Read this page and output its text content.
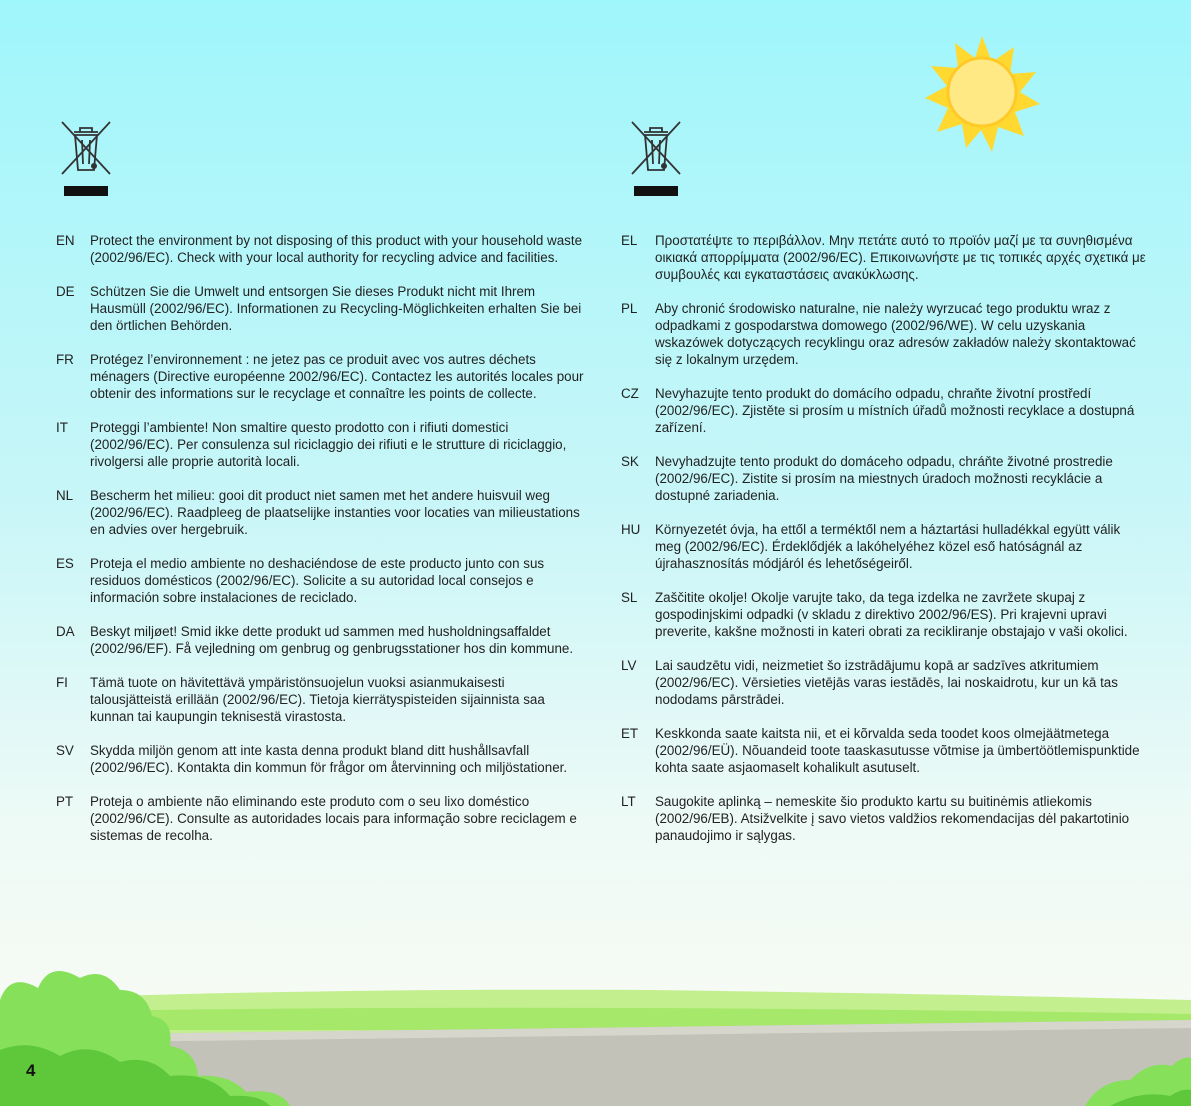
EN	Protect the environment by not disposing of this product with your household waste (2002/96/EC). Check with your local authority for recycling advice and facilities.
DE	Schützen Sie die Umwelt und entsorgen Sie dieses Produkt nicht mit Ihrem Hausmüll (2002/96/EC). Informationen zu Recycling-Möglichkeiten erhalten Sie bei den örtlichen Behörden.
FR	Protégez l’environnement : ne jetez pas ce produit avec vos autres déchets ménagers (Directive européenne 2002/96/EC). Contactez les autorités locales pour obtenir des informations sur le recyclage et connaître les points de collecte.
IT	Proteggi l’ambiente! Non smaltire questo prodotto con i rifiuti domestici (2002/96/EC). Per consulenza sul riciclaggio dei rifiuti e le strutture di riciclaggio, rivolgersi alle proprie autorità locali.
NL	Bescherm het milieu: gooi dit product niet samen met het andere huisvuil weg (2002/96/EC). Raadpleeg de plaatselijke instanties voor locaties van milieustations en advies over hergebruik.
ES	Proteja el medio ambiente no deshaciéndose de este producto junto con sus residuos domésticos (2002/96/EC). Solicite a su autoridad local consejos e información sobre instalaciones de reciclado.
DA	Beskyt miljøet! Smid ikke dette produkt ud sammen med husholdningsaffaldet (2002/96/EF). Få vejledning om genbrug og genbrugsstationer hos din kommune.
FI	Tämä tuote on hävitettävä ympäristönsuojelun vuoksi asianmukaisesti talousjätteistä erillään (2002/96/EC). Tietoja kierrätyspisteiden sijainnista saa kunnan tai kaupungin teknisestä virastosta.
SV	Skydda miljön genom att inte kasta denna produkt bland ditt hushållsavfall (2002/96/EC). Kontakta din kommun för frågor om återvinning och miljöstationer.
PT	Proteja o ambiente não eliminando este produto com o seu lixo doméstico (2002/96/CE). Consulte as autoridades locais para informação sobre reciclagem e sistemas de recolha.
EL	Προστατέψτε το περιβάλλον. Μην πετάτε αυτό το προϊόν μαζί με τα συνηθισμένα οικιακά απορρίμματα (2002/96/EC). Επικοινωνήστε με τις τοπικές αρχές σχετικά με συμβουλές και εγκαταστάσεις ανακύκλωσης.
PL	Aby chronić środowisko naturalne, nie należy wyrzucać tego produktu wraz z odpadkami z gospodarstwa domowego (2002/96/WE). W celu uzyskania wskazówek dotyczących recyklingu oraz adresów zakładów należy skontaktować się z lokalnym urzędem.
CZ	Nevyhazujte tento produkt do domácího odpadu, chraňte životní prostředí (2002/96/EC). Zjistěte si prosím u místních úřadů možnosti recyklace a dostupná zařízení.
SK	Nevyhadzujte tento produkt do domáceho odpadu, chráňte životné prostredie (2002/96/EC). Zistite si prosím na miestnych úradoch možnosti recyklácie a dostupné zariadenia.
HU	Környezetét óvja, ha ettől a terméktől nem a háztartási hulladékkal együtt válik meg (2002/96/EC). Érdeklődjék a lakóhelyéhez közel eső hatóságnál az újrahasznosítás módjáról és lehetőségeiről.
SL	Zaščitite okolje! Okolje varujte tako, da tega izdelka ne zavržete skupaj z gospodinjskimi odpadki (v skladu z direktivo 2002/96/ES). Pri krajevni upravi preverite, kakšne možnosti in kateri obrati za recikliranje obstajajo v vaši okolici.
LV	Lai saudzētu vidi, neizmetiet šo izstrādājumu kopā ar sadzīves atkritumiem (2002/96/EC). Vērsieties vietējās varas iestādēs, lai noskaidrotu, kur un kā tas nododams pārstrādei.
ET	Keskkonda saate kaitsta nii, et ei kõrvalda seda toodet koos olmejäätmetega (2002/96/EÜ). Nõuandeid toote taaskasutusse võtmise ja ümbertöötlemispunktide kohta saate asjaomaselt kohalikult asutuselt.
LT	Saugokite aplinką – nemeskite šio produkto kartu su buitinėmis atliekomis (2002/96/EB). Atsižvelkite į savo vietos valdžios rekomendacijas dėl pakartotinio panaudojimo ir sąlygas.
4
